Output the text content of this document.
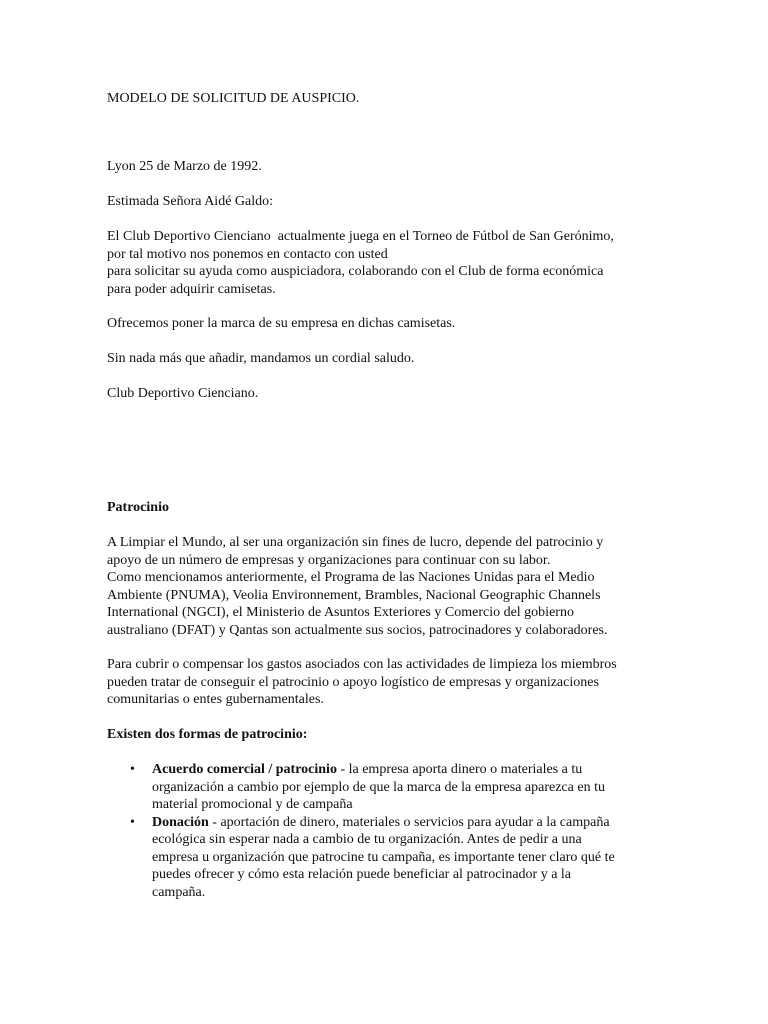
MODELO DE SOLICITUD DE AUSPICIO.

Lyon 25 de Marzo de 1992.

Estimada Señora Aidé Galdo:

El Club Deportivo Cienciano  actualmente juega en el Torneo de Fútbol de San Gerónimo,
por tal motivo nos ponemos en contacto con usted
para solicitar su ayuda como auspiciadora, colaborando con el Club de forma económica
para poder adquirir camisetas.

Ofrecemos poner la marca de su empresa en dichas camisetas.

Sin nada más que añadir, mandamos un cordial saludo.

Club Deportivo Cienciano.

Patrocinio

A Limpiar el Mundo, al ser una organización sin fines de lucro, depende del patrocinio y
apoyo de un número de empresas y organizaciones para continuar con su labor.
Como mencionamos anteriormente, el Programa de las Naciones Unidas para el Medio
Ambiente (PNUMA), Veolia Environnement, Brambles, Nacional Geographic Channels
International (NGCI), el Ministerio de Asuntos Exteriores y Comercio del gobierno
australiano (DFAT) y Qantas son actualmente sus socios, patrocinadores y colaboradores.

Para cubrir o compensar los gastos asociados con las actividades de limpieza los miembros
pueden tratar de conseguir el patrocinio o apoyo logístico de empresas y organizaciones
comunitarias o entes gubernamentales.

Existen dos formas de patrocinio:

• Acuerdo comercial / patrocinio - la empresa aporta dinero o materiales a tu
organización a cambio por ejemplo de que la marca de la empresa aparezca en tu
material promocional y de campaña
• Donación - aportación de dinero, materiales o servicios para ayudar a la campaña
ecológica sin esperar nada a cambio de tu organización. Antes de pedir a una
empresa u organización que patrocine tu campaña, es importante tener claro qué te
puedes ofrecer y cómo esta relación puede beneficiar al patrocinador y a la
campaña.
